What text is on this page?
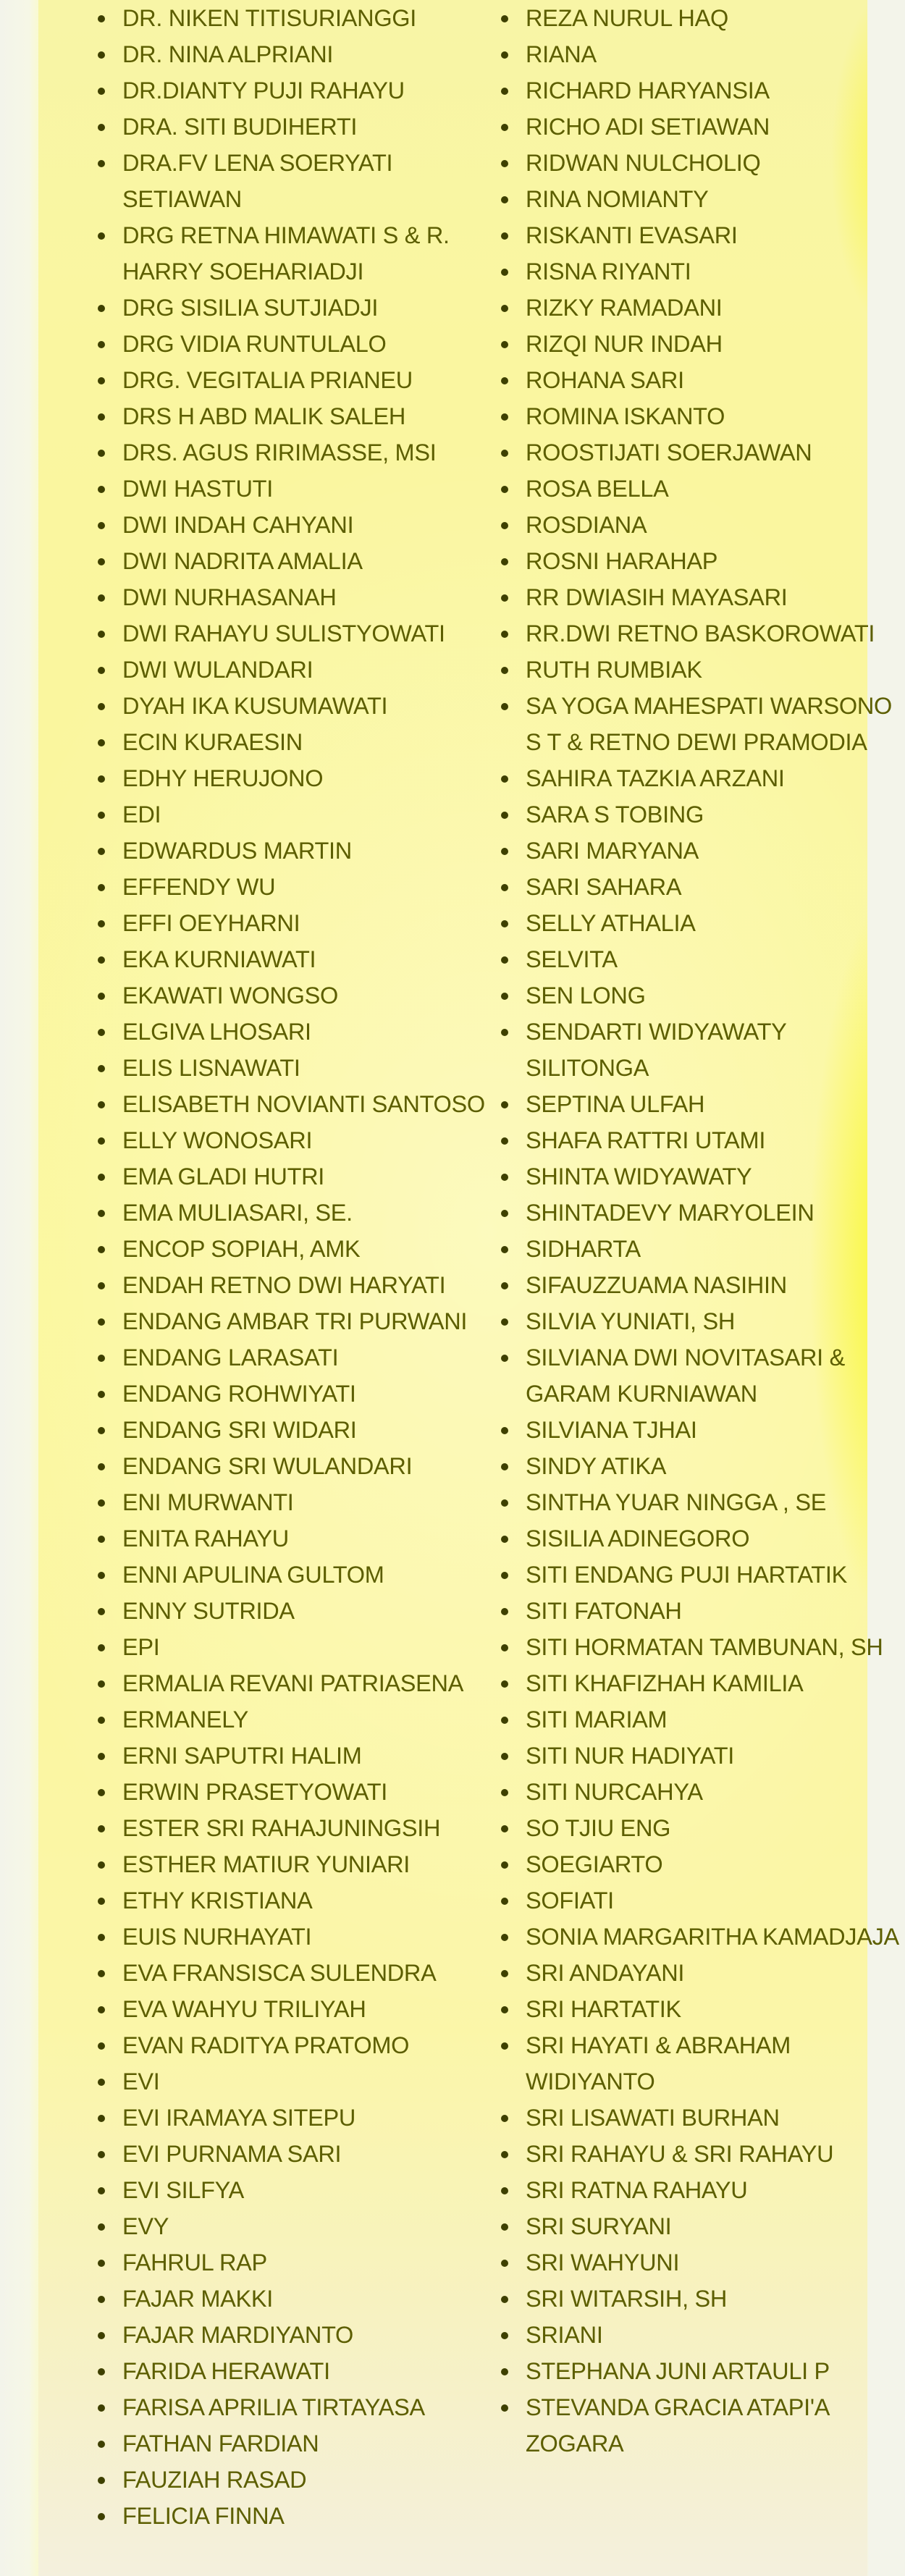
DR. NIKEN TITISURIANGGI
DR. NINA ALPRIANI
DR.DIANTY PUJI RAHAYU
DRA. SITI BUDIHERTI
DRA.FV LENA SOERYATI SETIAWAN
DRG RETNA HIMAWATI S & R. HARRY SOEHARIADJI
DRG SISILIA SUTJIADJI
DRG VIDIA RUNTULALO
DRG. VEGITALIA PRIANEU
DRS H ABD MALIK SALEH
DRS. AGUS RIRIMASSE, MSI
DWI HASTUTI
DWI INDAH CAHYANI
DWI NADRITA AMALIA
DWI NURHASANAH
DWI RAHAYU SULISTYOWATI
DWI WULANDARI
DYAH IKA KUSUMAWATI
ECIN KURAESIN
EDHY HERUJONO
EDI
EDWARDUS MARTIN
EFFENDY WU
EFFI OEYHARNI
EKA KURNIAWATI
EKAWATI WONGSO
ELGIVA LHOSARI
ELIS LISNAWATI
ELISABETH NOVIANTI SANTOSO
ELLY WONOSARI
EMA GLADI HUTRI
EMA MULIASARI, SE.
ENCOP SOPIAH, AMK
ENDAH RETNO DWI HARYATI
ENDANG AMBAR TRI PURWANI
ENDANG LARASATI
ENDANG ROHWIYATI
ENDANG SRI WIDARI
ENDANG SRI WULANDARI
ENI MURWANTI
ENITA RAHAYU
ENNI APULINA GULTOM
ENNY SUTRIDA
EPI
ERMALIA REVANI PATRIASENA
ERMANELY
ERNI SAPUTRI HALIM
ERWIN PRASETYOWATI
ESTER SRI RAHAJUNINGSIH
ESTHER MATIUR YUNIARI
ETHY KRISTIANA
EUIS NURHAYATI
EVA FRANSISCA SULENDRA
EVA WAHYU TRILIYAH
EVAN RADITYA PRATOMO
EVI
EVI IRAMAYA SITEPU
EVI PURNAMA SARI
EVI SILFYA
EVY
FAHRUL RAP
FAJAR MAKKI
FAJAR MARDIYANTO
FARIDA HERAWATI
FARISA APRILIA TIRTAYASA
FATHAN FARDIAN
FAUZIAH RASAD
FELICIA FINNA
REZA NURUL HAQ
RIANA
RICHARD HARYANSIA
RICHO ADI SETIAWAN
RIDWAN NULCHOLIQ
RINA NOMIANTY
RISKANTI EVASARI
RISNA RIYANTI
RIZKY RAMADANI
RIZQI NUR INDAH
ROHANA SARI
ROMINA ISKANTO
ROOSTIJATI SOERJAWAN
ROSA BELLA
ROSDIANA
ROSNI HARAHAP
RR DWIASIH MAYASARI
RR.DWI RETNO BASKOROWATI
RUTH RUMBIAK
SA YOGA MAHESPATI WARSONO S T & RETNO DEWI PRAMODIA
SAHIRA TAZKIA ARZANI
SARA S TOBING
SARI MARYANA
SARI SAHARA
SELLY ATHALIA
SELVITA
SEN LONG
SENDARTI WIDYAWATY SILITONGA
SEPTINA ULFAH
SHAFA RATTRI UTAMI
SHINTA WIDYAWATY
SHINTADEVY MARYOLEIN
SIDHARTA
SIFAUZZUAMA NASIHIN
SILVIA YUNIATI, SH
SILVIANA DWI NOVITASARI & GARAM KURNIAWAN
SILVIANA TJHAI
SINDY ATIKA
SINTHA YUAR NINGGA , SE
SISILIA ADINEGORO
SITI ENDANG PUJI HARTATIK
SITI FATONAH
SITI HORMATAN TAMBUNAN, SH
SITI KHAFIZHAH KAMILIA
SITI MARIAM
SITI NUR HADIYATI
SITI NURCAHYA
SO TJIU ENG
SOEGIARTO
SOFIATI
SONIA MARGARITHA KAMADJAJA
SRI ANDAYANI
SRI HARTATIK
SRI HAYATI & ABRAHAM WIDIYANTO
SRI LISAWATI BURHAN
SRI RAHAYU & SRI RAHAYU
SRI RATNA RAHAYU
SRI SURYANI
SRI WAHYUNI
SRI WITARSIH, SH
SRIANI
STEPHANA JUNI ARTAULI P
STEVANDA GRACIA ATAPI'A ZOGARA
